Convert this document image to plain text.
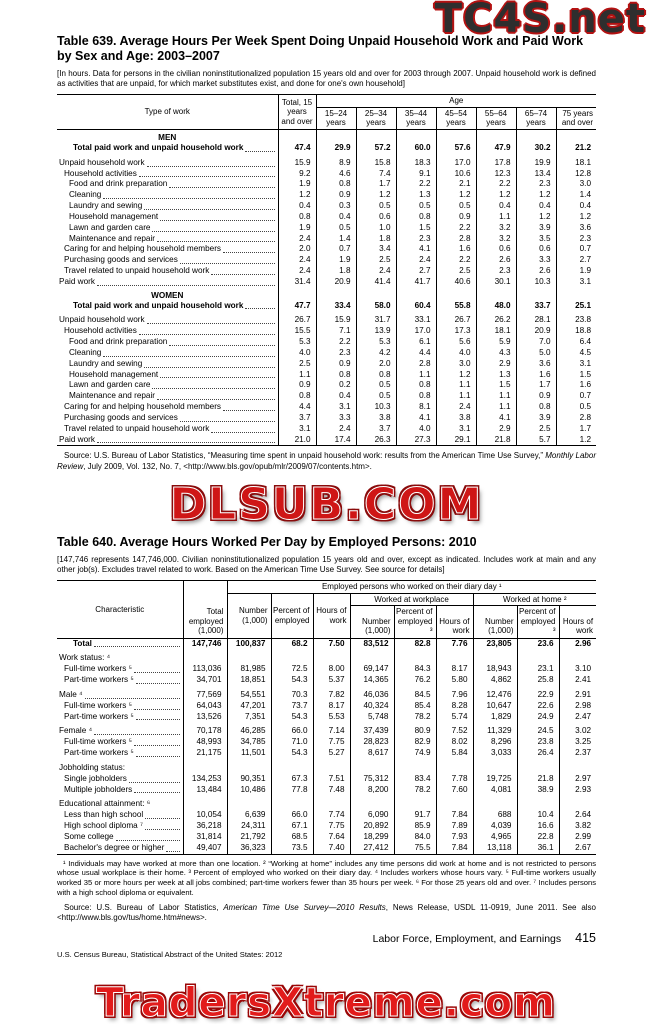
TC4S.net
Table 639. Average Hours Per Week Spent Doing Unpaid Household Work and Paid Work by Sex and Age: 2003–2007

[In hours. Data for persons in the civilian noninstitutionalized population 15 years old and over for 2003 through 2007. Unpaid household work is defined as activities that are unpaid, for which market substitutes exist, and done for one's own household]

Type of work	Total, 15 years and over	Age						
		15–24 years	25–34 years	35–44 years	45–54 years	55–64 years	65–74 years	75 years and over
MEN								

Total paid work and unpaid household work	47.4	29.9	57.2	60.0	57.6	47.9	30.2	21.2

Unpaid household work	15.9	8.9	15.8	18.3	17.0	17.8	19.9	18.1

Household activities	9.2	4.6	7.4	9.1	10.6	12.3	13.4	12.8

Food and drink preparation	1.9	0.8	1.7	2.2	2.1	2.2	2.3	3.0

Cleaning	1.2	0.9	1.2	1.3	1.2	1.2	1.2	1.4

Laundry and sewing	0.4	0.3	0.5	0.5	0.5	0.4	0.4	0.4

Household management	0.8	0.4	0.6	0.8	0.9	1.1	1.2	1.2

Lawn and garden care	1.9	0.5	1.0	1.5	2.2	3.2	3.9	3.6

Maintenance and repair	2.4	1.4	1.8	2.3	2.8	3.2	3.5	2.3

Caring for and helping household members	2.0	0.7	3.4	4.1	1.6	0.6	0.6	0.7

Purchasing goods and services	2.4	1.9	2.5	2.4	2.2	2.6	3.3	2.7

Travel related to unpaid household work	2.4	1.8	2.4	2.7	2.5	2.3	2.6	1.9

Paid work	31.4	20.9	41.4	41.7	40.6	30.1	10.3	3.1
WOMEN								

Total paid work and unpaid household work	47.7	33.4	58.0	60.4	55.8	48.0	33.7	25.1

Unpaid household work	26.7	15.9	31.7	33.1	26.7	26.2	28.1	23.8

Household activities	15.5	7.1	13.9	17.0	17.3	18.1	20.9	18.8

Food and drink preparation	5.3	2.2	5.3	6.1	5.6	5.9	7.0	6.4

Cleaning	4.0	2.3	4.2	4.4	4.0	4.3	5.0	4.5

Laundry and sewing	2.5	0.9	2.0	2.8	3.0	2.9	3.6	3.1

Household management	1.1	0.8	0.8	1.1	1.2	1.3	1.6	1.5

Lawn and garden care	0.9	0.2	0.5	0.8	1.1	1.5	1.7	1.6

Maintenance and repair	0.8	0.4	0.5	0.8	1.1	1.1	0.9	0.7

Caring for and helping household members	4.4	3.1	10.3	8.1	2.4	1.1	0.8	0.5

Purchasing goods and services	3.7	3.3	3.8	4.1	3.8	4.1	3.9	2.8

Travel related to unpaid household work	3.1	2.4	3.7	4.0	3.1	2.9	2.5	1.7

Paid work	21.0	17.4	26.3	27.3	29.1	21.8	5.7	1.2

Source: U.S. Bureau of Labor Statistics, “Measuring time spent in unpaid household work: results from the American Time Use Survey,” Monthly Labor Review, July 2009, Vol. 132, No. 7, <http://www.bls.gov/opub/mlr/2009/07/contents.htm>.

DLSUB.COM
Table 640. Average Hours Worked Per Day by Employed Persons: 2010

[147,746 represents 147,746,000. Civilian noninstitutionalized population 15 years old and over, except as indicated. Includes work at main and any other job(s). Excludes travel related to work. Based on the American Time Use Survey. See source for details]

Characteristic	Total employed (1,000)	Employed persons who worked on their diary day ¹								
		Number (1,000)	Percent of employed	Hours of work	Worked at workplace			Worked at home ²		
					Number (1,000)	Percent of employed ³	Hours of work	Number (1,000)	Percent of employed ³	Hours of work

Total	147,746	100,837	68.2	7.50	83,512	82.8	7.76	23,805	23.6	2.96
Work status: ⁴										

Full-time workers ⁵	113,036	81,985	72.5	8.00	69,147	84.3	8.17	18,943	23.1	3.10

Part-time workers ⁵	34,701	18,851	54.3	5.37	14,365	76.2	5.80	4,862	25.8	2.41

Male ⁴	77,569	54,551	70.3	7.82	46,036	84.5	7.96	12,476	22.9	2.91

Full-time workers ⁵	64,043	47,201	73.7	8.17	40,324	85.4	8.28	10,647	22.6	2.98

Part-time workers ⁵	13,526	7,351	54.3	5.53	5,748	78.2	5.74	1,829	24.9	2.47

Female ⁴	70,178	46,285	66.0	7.14	37,439	80.9	7.52	11,329	24.5	3.02

Full-time workers ⁵	48,993	34,785	71.0	7.75	28,823	82.9	8.02	8,296	23.8	3.25

Part-time workers ⁵	21,175	11,501	54.3	5.27	8,617	74.9	5.84	3,033	26.4	2.37
Jobholding status:										

Single jobholders	134,253	90,351	67.3	7.51	75,312	83.4	7.78	19,725	21.8	2.97

Multiple jobholders	13,484	10,486	77.8	7.48	8,200	78.2	7.60	4,081	38.9	2.93
Educational attainment: ⁶										

Less than high school	10,054	6,639	66.0	7.74	6,090	91.7	7.84	688	10.4	2.64

High school diploma ⁷	36,218	24,311	67.1	7.75	20,892	85.9	7.89	4,039	16.6	3.82

Some college	31,814	21,792	68.5	7.64	18,299	84.0	7.93	4,965	22.8	2.99

Bachelor's degree or higher	49,407	36,323	73.5	7.40	27,412	75.5	7.84	13,118	36.1	2.67

¹ Individuals may have worked at more than one location. ² “Working at home” includes any time persons did work at home and is not restricted to persons whose usual workplace is their home. ³ Percent of employed who worked on their diary day. ⁴ Includes workers whose hours vary. ⁵ Full-time workers usually worked 35 or more hours per week at all jobs combined; part-time workers fewer than 35 hours per week. ⁶ For those 25 years old and over. ⁷ Includes persons with a high school diploma or equivalent.

Source: U.S. Bureau of Labor Statistics, American Time Use Survey—2010 Results, News Release, USDL 11-0919, June 2011. See also <http://www.bls.gov/tus/home.htm#news>.

Labor Force, Employment, and Earnings 415

U.S. Census Bureau, Statistical Abstract of the United States: 2012

TradersXtreme.com
